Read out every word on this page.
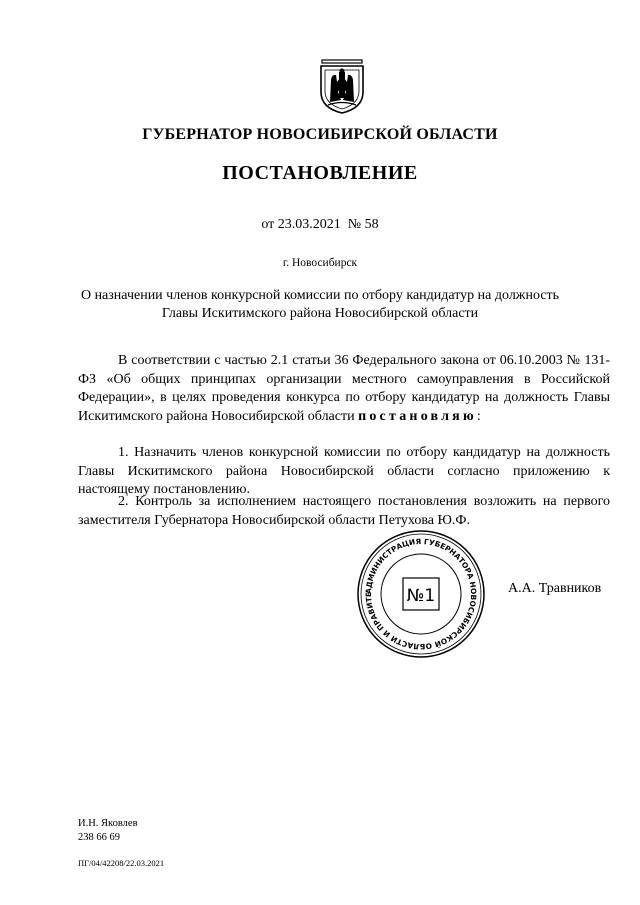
ГУБЕРНАТОР НОВОСИБИРСКОЙ ОБЛАСТИ
ПОСТАНОВЛЕНИЕ
от 23.03.2021  № 58
г. Новосибирск
О назначении членов конкурсной комиссии по отбору кандидатур на должность
Главы Искитимского района Новосибирской области
В соответствии с частью 2.1 статьи 36 Федерального закона от 06.10.2003 № 131-ФЗ «Об общих принципах организации местного самоуправления в Российской Федерации», в целях проведения конкурса по отбору кандидатур на должность Главы Искитимского района Новосибирской области постановляю:
1. Назначить членов конкурсной комиссии по отбору кандидатур на должность Главы Искитимского района Новосибирской области согласно приложению к настоящему постановлению.
2. Контроль за исполнением настоящего постановления возложить на первого заместителя Губернатора Новосибирской области Петухова Ю.Ф.
АДМИНИСТРАЦИЯ ГУБЕРНАТОРА НОВОСИБИРСКОЙ ОБЛАСТИ И ПРАВИТЕ	№1	А.А. Травников
И.Н. Яковлев
238 66 69
ПГ/04/42208/22.03.2021
